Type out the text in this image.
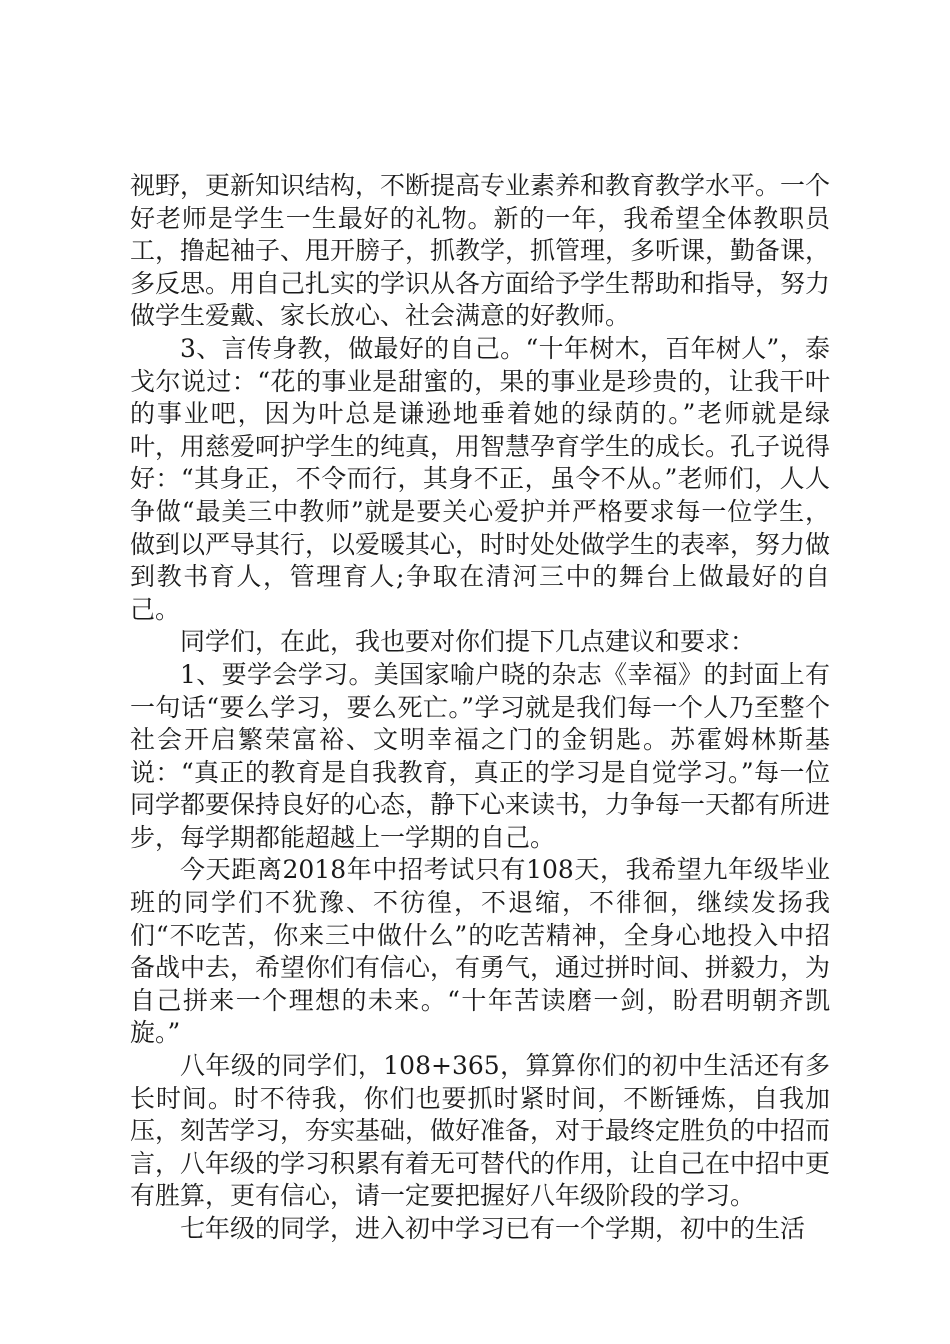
视野，更新知识结构，不断提高专业素养和教育教学水平。一个好老师是学生一生最好的礼物。新的一年，我希望全体教职员工，撸起袖子、甩开膀子，抓教学，抓管理，多听课，勤备课，多反思。用自己扎实的学识从各方面给予学生帮助和指导，努力做学生爱戴、家长放心、社会满意的好教师。

3、言传身教，做最好的自己。“十年树木，百年树人”，泰戈尔说过：“花的事业是甜蜜的，果的事业是珍贵的，让我干叶的事业吧，因为叶总是谦逊地垂着她的绿荫的。”老师就是绿叶，用慈爱呵护学生的纯真，用智慧孕育学生的成长。孔子说得好：“其身正，不令而行，其身不正，虽令不从。”老师们，人人争做“最美三中教师”就是要关心爱护并严格要求每一位学生，做到以严导其行，以爱暖其心，时时处处做学生的表率，努力做到教书育人，管理育人;争取在清河三中的舞台上做最好的自己。

同学们，在此，我也要对你们提下几点建议和要求：

1、要学会学习。美国家喻户晓的杂志《幸福》的封面上有一句话“要么学习，要么死亡。”学习就是我们每一个人乃至整个社会开启繁荣富裕、文明幸福之门的金钥匙。苏霍姆林斯基说：“真正的教育是自我教育，真正的学习是自觉学习。”每一位同学都要保持良好的心态，静下心来读书，力争每一天都有所进步，每学期都能超越上一学期的自己。

今天距离2018年中招考试只有108天，我希望九年级毕业班的同学们不犹豫、不彷徨，不退缩，不徘徊，继续发扬我们“不吃苦，你来三中做什么”的吃苦精神，全身心地投入中招备战中去，希望你们有信心，有勇气，通过拼时间、拼毅力，为自己拼来一个理想的未来。“十年苦读磨一剑，盼君明朝齐凯旋。”

八年级的同学们，108+365，算算你们的初中生活还有多长时间。时不待我，你们也要抓时紧时间，不断锤炼，自我加压，刻苦学习，夯实基础，做好准备，对于最终定胜负的中招而言，八年级的学习积累有着无可替代的作用，让自己在中招中更有胜算，更有信心，请一定要把握好八年级阶段的学习。

七年级的同学，进入初中学习已有一个学期，初中的生活
